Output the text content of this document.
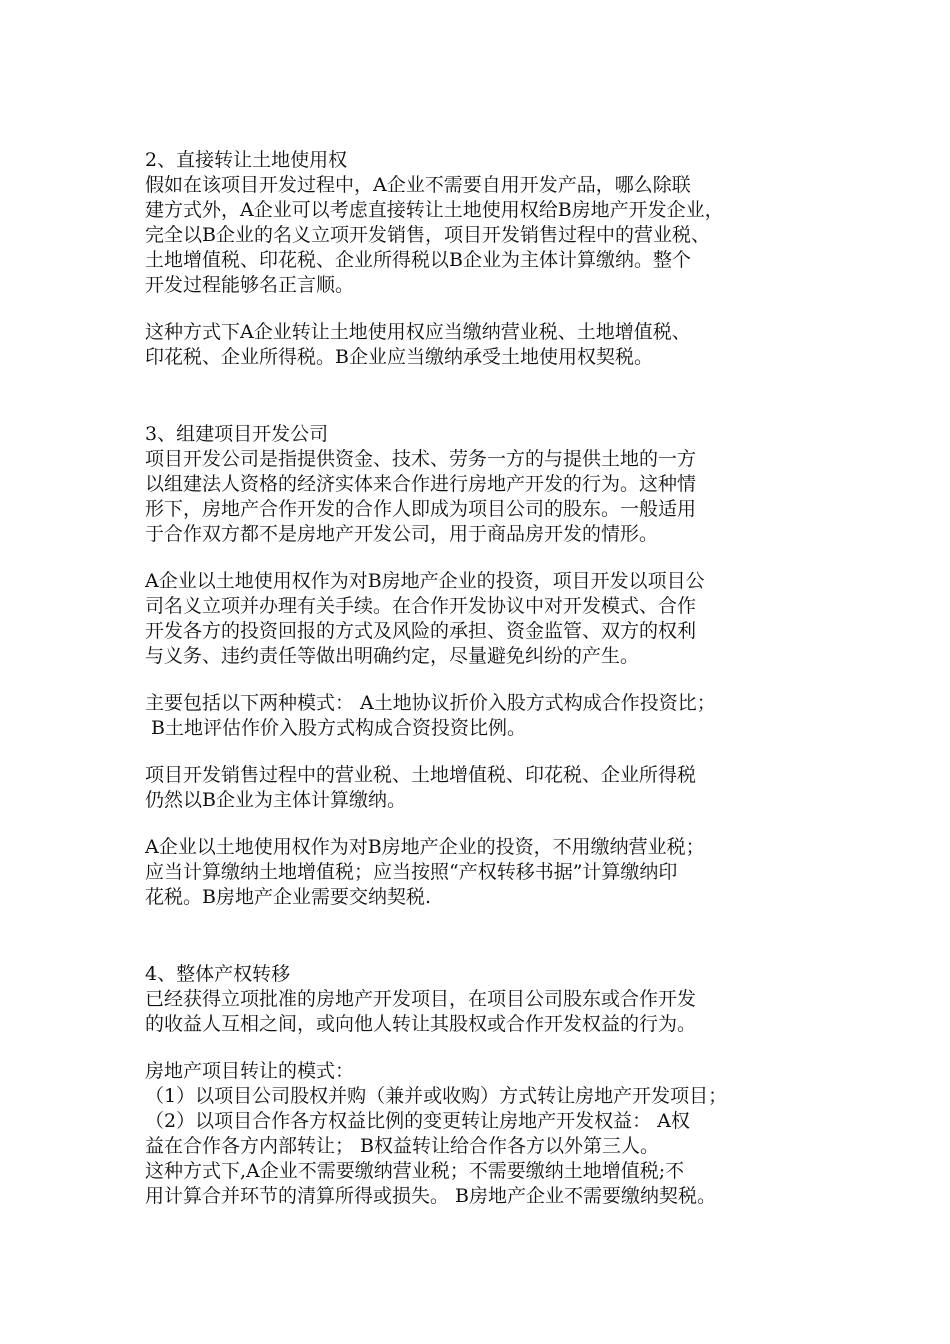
2、直接转让土地使用权
假如在该项目开发过程中，A企业不需要自用开发产品，哪么除联
建方式外，A企业可以考虑直接转让土地使用权给B房地产开发企业，
完全以B企业的名义立项开发销售，项目开发销售过程中的营业税、
土地增值税、印花税、企业所得税以B企业为主体计算缴纳。整个
开发过程能够名正言顺。
这种方式下A企业转让土地使用权应当缴纳营业税、土地增值税、
印花税、企业所得税。B企业应当缴纳承受土地使用权契税。
3、组建项目开发公司
项目开发公司是指提供资金、技术、劳务一方的与提供土地的一方
以组建法人资格的经济实体来合作进行房地产开发的行为。这种情
形下，房地产合作开发的合作人即成为项目公司的股东。一般适用
于合作双方都不是房地产开发公司，用于商品房开发的情形。
A企业以土地使用权作为对B房地产企业的投资，项目开发以项目公
司名义立项并办理有关手续。在合作开发协议中对开发模式、合作
开发各方的投资回报的方式及风险的承担、资金监管、双方的权利
与义务、违约责任等做出明确约定，尽量避免纠纷的产生。
主要包括以下两种模式： A土地协议折价入股方式构成合作投资比；
B土地评估作价入股方式构成合资投资比例。
项目开发销售过程中的营业税、土地增值税、印花税、企业所得税
仍然以B企业为主体计算缴纳。
A企业以土地使用权作为对B房地产企业的投资，不用缴纳营业税；
应当计算缴纳土地增值税；应当按照“产权转移书据”计算缴纳印
花税。B房地产企业需要交纳契税.
4、整体产权转移
已经获得立项批准的房地产开发项目，在项目公司股东或合作开发
的收益人互相之间，或向他人转让其股权或合作开发权益的行为。
房地产项目转让的模式：
（1）以项目公司股权并购（兼并或收购）方式转让房地产开发项目；
（2）以项目合作各方权益比例的变更转让房地产开发权益： A权
益在合作各方内部转让； B权益转让给合作各方以外第三人。
这种方式下,A企业不需要缴纳营业税；不需要缴纳土地增值税;不
用计算合并环节的清算所得或损失。 B房地产企业不需要缴纳契税。
